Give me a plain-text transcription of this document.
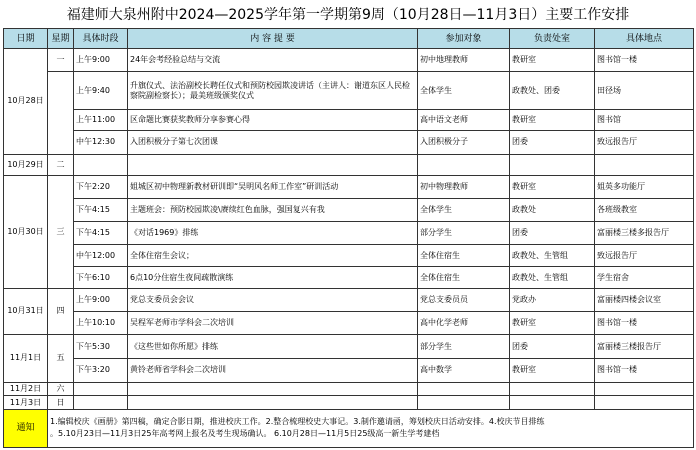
福建师大泉州附中2024—2025学年第一学期第9周（10月28日—11月3日）主要工作安排
日期	星期	具体时段	内 容 提 要	参加对象	负责处室	具体地点
10月28日	一	上午9:00	24年会考经验总结与交流	初中地理教师	教研室	图书馆一楼
		上午9:40	升旗仪式、法治副校长聘任仪式和预防校园欺凌讲话（主讲人：谢道东区人民检察院副检察长）；最美班级颁奖仪式	全体学生	政教处、团委	田径场
		上午11:00	区命题比赛获奖教师分享参赛心得	高中语文老师	教研室	图书馆
		中午12:30	入团积极分子第七次团课	入团积极分子	团委	致远报告厅
10月29日	二					
10月30日	三	下午2:20	姐城区初中物理新教材研训即“吴明风名师工作室”研训活动	初中物理教师	教研室	姐英多功能厅
		下午4:15	主题班会：预防校园欺凌\赓续红色血脉，强国复兴有我	全体学生	政教处	各班级教室
		下午4:15	《对话1969》排练	部分学生	团委	富丽楼三楼多报告厅
		中午12:00	全体住宿生会议；	全体住宿生	政教处、生管组	致远报告厅
		下午6:10	6点10分住宿生夜间疏散演练	全体住宿生	政教处、生管组	学生宿舍
10月31日	四	上午9:00	党总支委员会会议	党总支委员员	党政办	富丽楼四楼会议室
		上午10:10	吴程军老师市学科会二次培训	高中化学老师	教研室	图书馆一楼
11月1日	五	下午5:30	《这些世如你所愿》排练	部分学生	团委	富丽楼三楼报告厅
		下午3:20	黄铃老师省学科会二次培训	高中数学	教研室	图书馆一楼
11月2日	六					
11月3日	日					
通知	1.编辑校庆《画册》第四稿，确定合影日期，推进校庆工作。2.整合梳理校史大事记。3.制作邀请函，筹划校庆日活动安排。4.校庆节目排练
。5.10月23日—11月3日25年高考网上报名及考生现场确认。 6.10月28日—11月5日25级高一新生学考建档					
